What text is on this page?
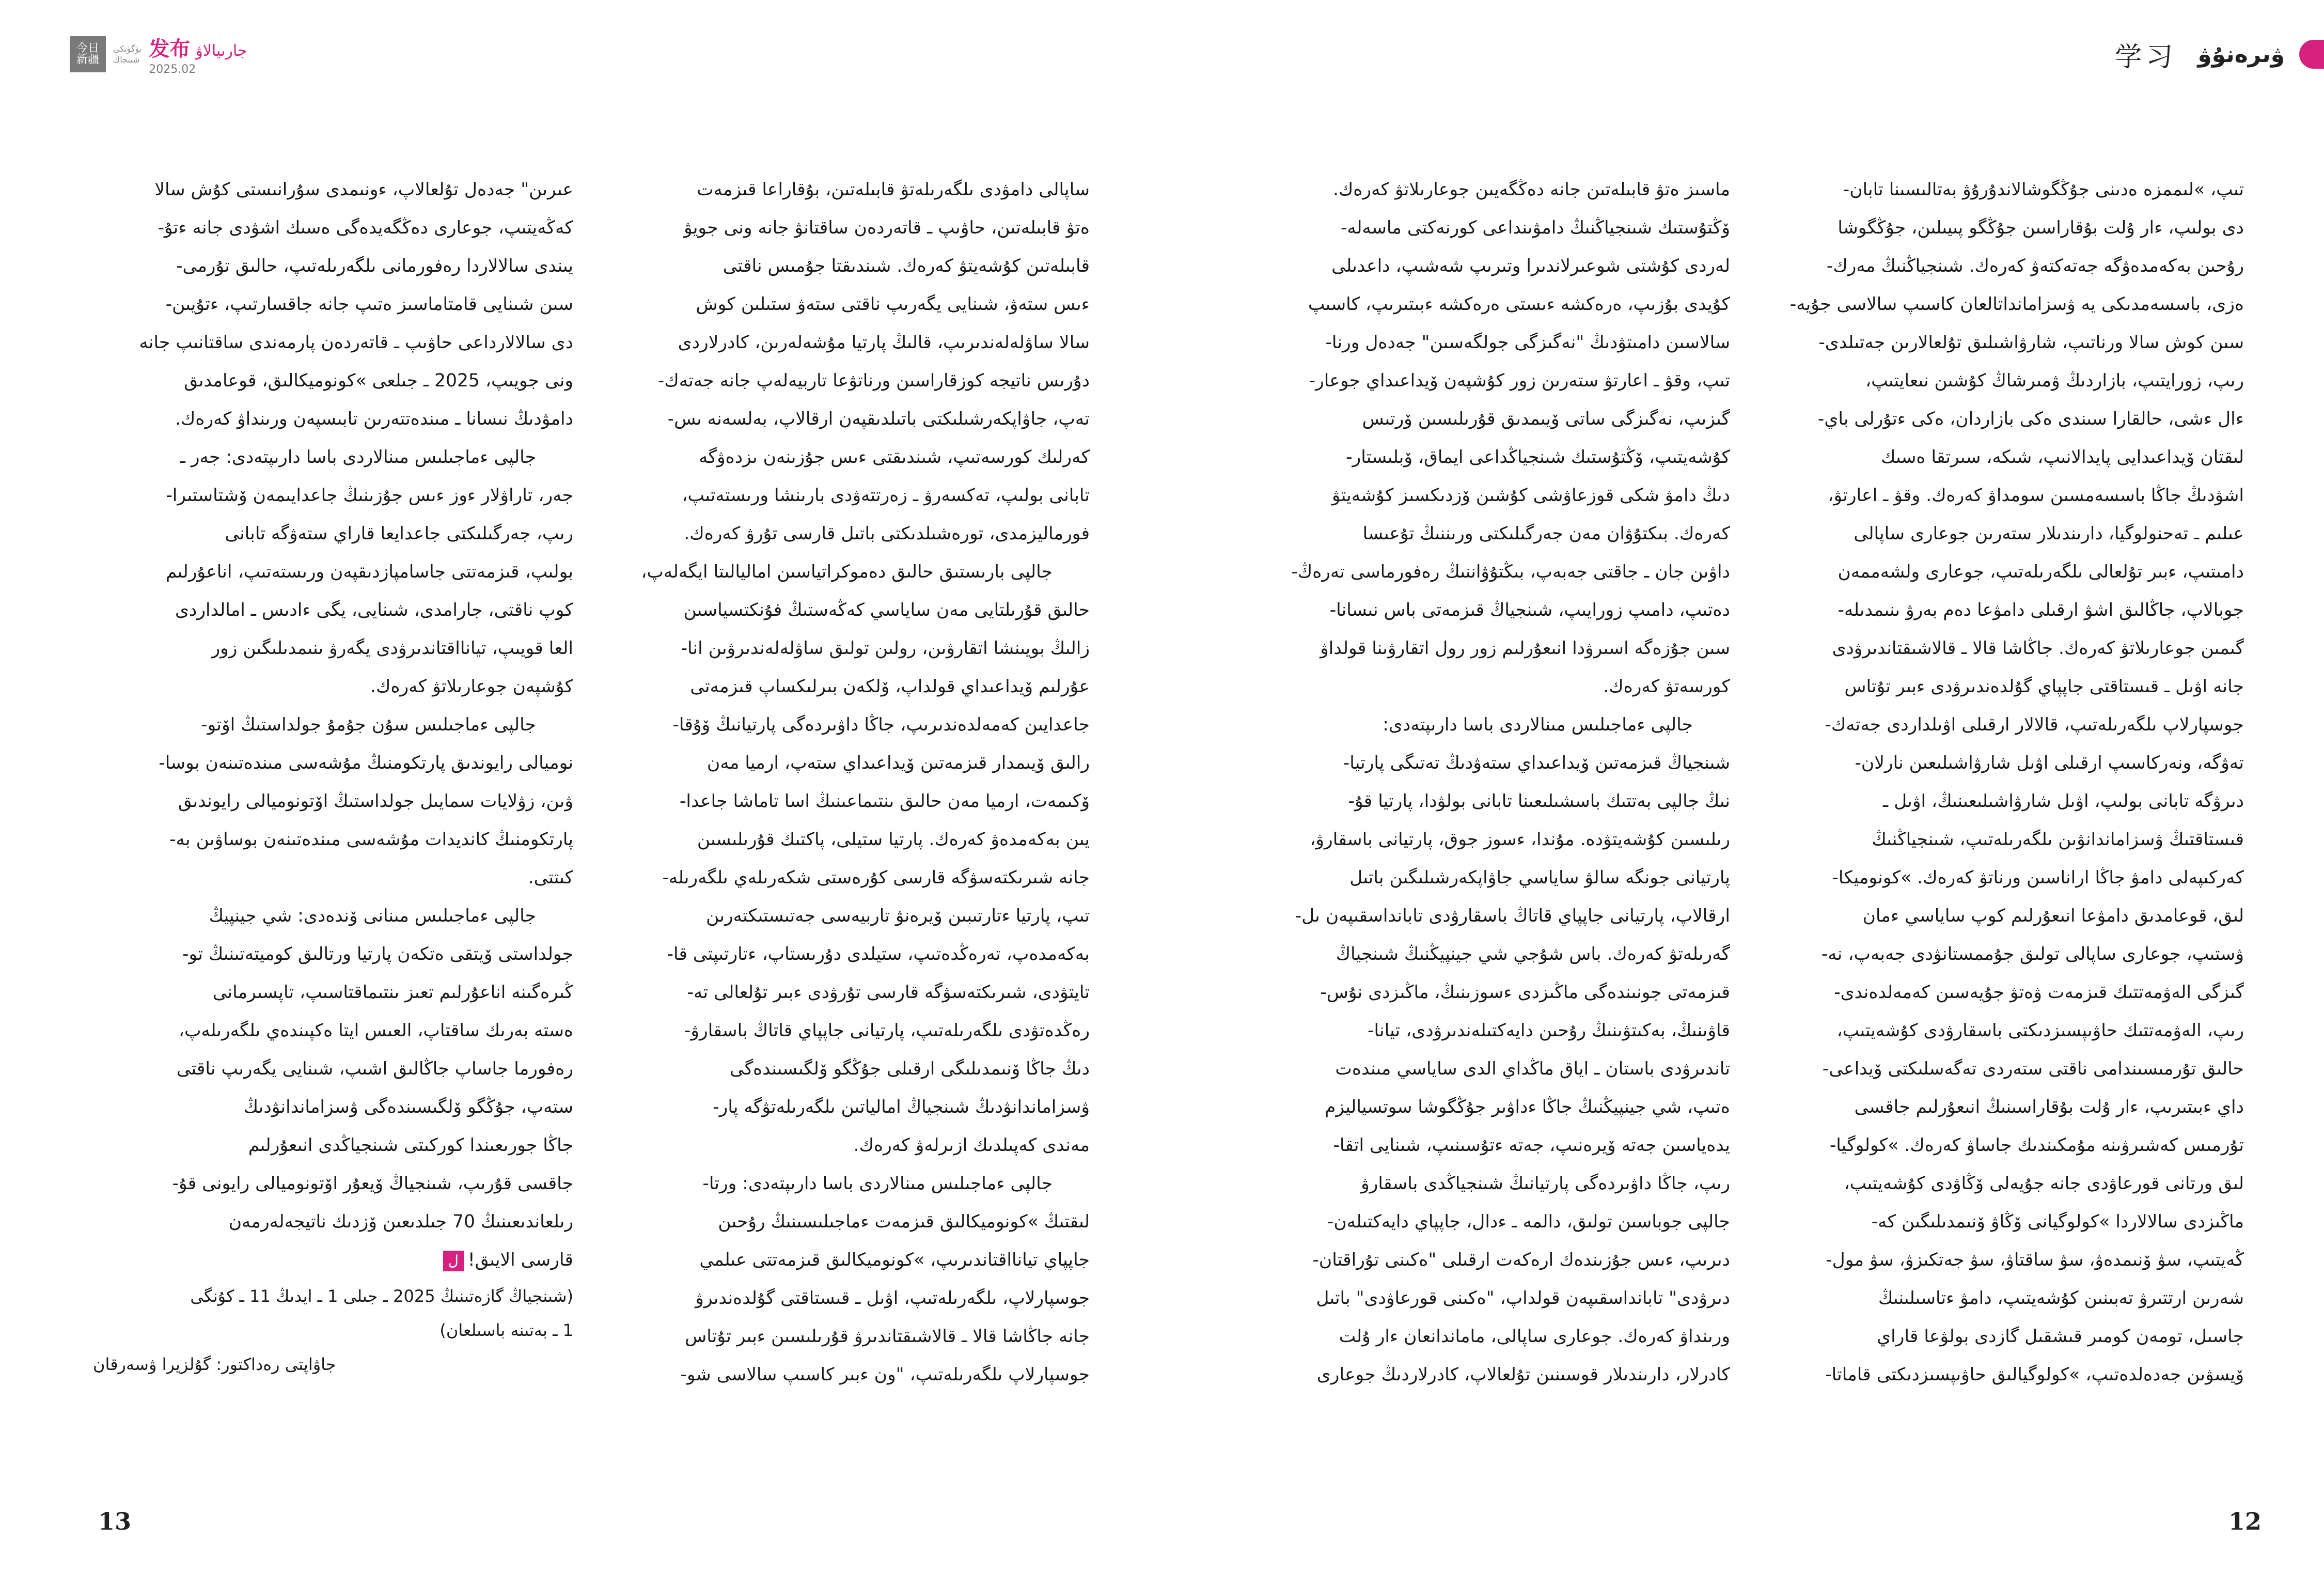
今日
新疆
بۈگۈنكى
شىنجاڭ 发布 جارىيالاۋ
2025.02	学习 ۋىرەنۇۋ

تىپ، »لىممزە ەدىنى جۇڭگوشالاندۇرۇۋ بەتالىسىنا تابان-

دى بولىپ، ءار ۇلت بۇقاراسىن جۇڭگو پىيىلىن، جۇڭگوشا

رۇحىن بەكەمدەۋگە جەتەكتەۋ كەرەك. شىنجياڭنىڭ مەرك-

ەزى، باسسەمدىكى يە ۋسزامانداتالعان كاسىپ سالاسى جۇيە-

سىن كوش سالا ورناتىپ، شارۋاشىلىق تۇلعالارىن جەتىلدى-

رىپ، زورايتىپ، بازاردىڭ ۋمىرشاڭ كۇشىن نىعايتىپ،

ءال ءشى، حالقارا سىندى ەكى بازاردان، ەكى ءتۇرلى باي-

لىقتان ۆيداعىدايى پايدالانىپ، شىكە، سىرتقا ەسىك

اشۋدىڭ جاڭا باسسەمسىن سومداۋ كەرەك. وقۋ ـ اعارتۋ،

عىلىم ـ تەحنولوگيا، دارىندىلار ستەرىن جوعارى ساپالى

دامىتىپ، ءبىر تۇلعالى ىلگەرىلەتىپ، جوعارى ولشەممەن

جوبالاپ، جاڭالىق اشۋ ارقىلى دامۋعا دەم بەرۋ ىنىمدىلە-

گىمىن جوعارىلاتۋ كەرەك. جاڭاشا قالا ـ قالاشىقتاندىرۋدى

جانە اۋىل ـ قىستاقتى جاپپاي گۇلدەندىرۋدى ءبىر تۇتاس

جوسپارلاپ ىلگەرىلەتىپ، قالالار ارقىلى اۋىلداردى جەتەك-

تەۋگە، ونەركاسىپ ارقىلى اۋىل شارۋاشىلىعىن نارلان-

دىرۋگە تابانى بولىپ، اۋىل شارۋاشىلىعىنىڭ، اۋىل ـ

قىستاقتىڭ ۋسزاماندانۋىن ىلگەرىلەتىپ، شىنجياڭنىڭ

كەركىپەلى دامۋ جاڭا اراناسىن ورناتۋ كەرەك. »كونوميكا-

لىق، قوعامدىق دامۋعا انىعۇرلىم كوپ ساياسي ءمان

ۋستىپ، جوعارى ساپالى تولىق جۇممستانۋدى جەبەپ، نە-

گىزگى الەۋمەتتىك قىزمەت ۋەتۋ جۇيەسىن كەمەلدەندى-

رىپ، الەۋمەتتىك حاۋىپسىزدىكتى باسقارۋدى كۇشەيتىپ،

حالىق تۇرمىسىندامى ناقتى ستەردى تەگەسلىكتى ۆيداعى-

داي ءبىتىرىپ، ءار ۇلت بۇقاراسىنىڭ انىعۇرلىم جاقسى

تۇرمىس كەشىرۋىنە مۇمكىندىك جاساۋ كەرەك. »كولوگيا-

لىق ورتانى قورعاۋدى جانە جۇيەلى ۆڭاۋدى كۇشەيتىپ،

ماڭىزدى سالالاردا »كولوگيانى ۆڭاۋ ۆنىمدىلىگىن كە-

ڭەيتىپ، سۋ ۆنىمدەۋ، سۋ ساقتاۋ، سۋ جەتكىزۋ، سۋ مول-

شەرىن ارتتىرۋ تەبىنىن كۇشەيتىپ، دامۋ ءتاسىلىنىڭ

جاسىل، تومەن كومىر قىشقىل گازدى بولۋعا قاراي

ۆيسۋىن جەدەلدەتىپ، »كولوگيالىق حاۋىپسىزدىكتى قاماتا-

ماسىز ەتۋ قابىلەتىن جانە دەڭگەيىن جوعارىلاتۋ كەرەك.

ۆڭتۇستىك شىنجياڭنىڭ دامۋىنداعى كورنەكتى ماسەلە-

لەردى كۇشتى شوعىرلاندىرا وتىرىپ شەشىپ، داعدىلى

كۇيدى بۇزىپ، ەرەكشە ءىستى ەرەكشە ءبىتىرىپ، كاسىپ

سالاسىن دامىتۋدىڭ "نەگىزگى جولگەسىن" جەدەل ورنا-

تىپ، وقۋ ـ اعارتۋ ستەرىن زور كۇشپەن ۆيداعىداي جوعار-

گىزىپ، نەگىزگى ساتى ۆيىمدىق قۇرىلىسىن ۆرتىس

كۇشەيتىپ، ۆڭتۇستىك شىنجياڭداعى ايماق، ۆبلىستار-

دىڭ دامۋ شكى قوزعاۋشى كۇشىن ۆزدىكسىز كۇشەيتۋ

كەرەك. بىكتۇۋان مەن جەرگىلىكتى ورىننىڭ تۇعىسا

داۋىن جان ـ جاقتى جەبەپ، بىڭتۇۋاننىڭ رەفورماسى تەرەڭ-

دەتىپ، دامىپ زورايىپ، شىنجياڭ قىزمەتى باس نىسانا-

سىن جۇزەگە اسىرۋدا انىعۇرلىم زور رول اتقارۋىنا قولداۋ

كورسەتۋ كەرەك.

جالپى ءماجىلىس مىنالاردى باسا دارىپتەدى:

شىنجياڭ قىزمەتىن ۆيداعىداي ستەۋدىڭ تەتىگى پارتيا-

نىڭ جالپى بەتتىك باسشىلىعىنا تابانى بولۋدا، پارتيا قۇ-

رىلىسىن كۇشەيتۋدە. مۇندا، ءسوز جوق، پارتيانى باسقارۋ،

پارتيانى جونگە سالۋ ساياسي جاۋاپكەرشىلىگىن باتىل

ارقالاپ، پارتيانى جاپپاي قاتاڭ باسقارۋدى تابانداسقىپەن ىل-

گەرىلەتۋ كەرەك. باس شۇجي شي جينپيڭنىڭ شىنجياڭ

قىزمەتى جونىندەگى ماڭىزدى ءسوزىنىڭ، ماڭىزدى نۇس-

قاۋىنىڭ، بەكىتۋىنىڭ رۇحىن دايەكتىلەندىرۋدى، تيانا-

تاندىرۋدى باستان ـ اياق ماڭداي الدى ساياسي مىندەت

ەتىپ، شي جينپيڭنىڭ جاڭا ءداۋىر جۇڭگوشا سوتسياليزم

يدەياسىن جەتە ۆيرەنىپ، جەتە ءتۇسىنىپ، شىنايى اتقا-

رىپ، جاڭا داۋىردەگى پارتيانىڭ شىنجياڭدى باسقارۋ

جالپى جوباسىن تولىق، دالمە ـ ءدال، جاپپاي دايەكتىلەن-

دىرىپ، ءىس جۇزىندەك ارەكەت ارقىلى "ەكىنى تۇراقتان-

دىرۋدى" تابانداسقىپەن قولداپ، "ەكىنى قورعاۋدى" باتىل

ورىنداۋ كەرەك. جوعارى ساپالى، ماماندانعان ءار ۇلت

كادرلار، دارىندىلار قوسىنىن تۇلعالاپ، كادرلاردىڭ جوعارى

ساپالى دامۋدى ىلگەرىلەتۋ قابىلەتىن، بۇقاراعا قىزمەت

ەتۋ قابىلەتىن، حاۋىپ ـ قاتەردەن ساقتانۋ جانە ونى جويۋ

قابىلەتىن كۇشەيتۋ كەرەك. شىندىقتا جۇمىس ناقتى

ءىس ستەۋ، شىنايى يگەرىپ ناقتى ستەۋ ستىلىن كوش

سالا ساۋلەلەندىرىپ، قالىڭ پارتيا مۇشەلەرىن، كادرلاردى

دۇرىس ناتيجە كوزقاراسىن ورناتۋعا تاربيەلەپ جانە جەتەك-

تەپ، جاۋاپكەرشىلىكتى باتىلدىقپەن ارقالاپ، بەلسەنە ىس-

كەرلىك كورسەتىپ، شىندىقتى ءىس جۇزىنەن ىزدەۋگە

تابانى بولىپ، تەكسەرۋ ـ زەرتتەۋدى بارىنشا ورىستەتىپ،

فورماليزمدى، تورەشىلدىكتى باتىل قارسى تۇرۋ كەرەك.

جالپى بارىستىق حالىق دەموكراتياسىن اماليالىتا ايگەلەپ،

حالىق قۇرىلتايى مەن ساياسي كەڭەستىڭ فۇنكتسياسىن

زالىڭ بويىنشا اتقارۋىن، رولىن تولىق ساۋلەلەندىرۋىن انا-

عۇرلىم ۆيداعىداي قولداپ، ۆلكەن بىرلىكساپ قىزمەتى

جاعدايىن كەمەلدەندىرىپ، جاڭا داۋىردەگى پارتيانىڭ ۆۇقا-

رالىق ۆيىمدار قىزمەتىن ۆيداعىداي ستەپ، ارميا مەن

ۆكىمەت، ارميا مەن حالىق ىنتىماعىنىڭ اسا تاماشا جاعدا-

يىن بەكەمدەۋ كەرەك. پارتيا ستيلى، پاكتىك قۇرىلىسىن

جانە شىرىكتەسۋگە قارسى كۇرەستى شكەرىلەي ىلگەرىلە-

تىپ، پارتيا ءتارتىبىن ۆيرەنۋ تاربيەسى جەتىستىكتەرىن

بەكەمدەپ، تەرەڭدەتىپ، ستيلدى دۇرىستاپ، ءتارتىپتى قا-

تايتۋدى، شىرىكتەسۋگە قارسى تۇرۋدى ءبىر تۇلعالى تە-

رەڭدەتۋدى ىلگەرىلەتىپ، پارتيانى جاپپاي قاتاڭ باسقارۋ-

دىڭ جاڭا ۆنىمدىلىگى ارقىلى جۇڭگو ۆلگىسىندەگى

ۋسزاماندانۋدىڭ شىنجياڭ امالياتىن ىلگەرىلەتۋگە پار-

مەندى كەپىلدىك ازىرلەۋ كەرەك.

جالپى ءماجىلىس مىنالاردى باسا دارىپتەدى: ورتا-

لىقتىڭ »كونوميكالىق قىزمەت ءماجىلىسىنىڭ رۇحىن

جاپپاي تيانااقتاندىرىپ، »كونوميكالىق قىزمەتتى عىلمي

جوسپارلاپ، ىلگەرىلەتىپ، اۋىل ـ قىستاقتى گۇلدەندىرۋ

جانە جاڭاشا قالا ـ قالاشىقتاندىرۋ قۇرىلىسىن ءبىر تۇتاس

جوسپارلاپ ىلگەرىلەتىپ، "ون ءبىر كاسىپ سالاسى شو-

عىرىن" جەدەل تۇلعالاپ، ءونىمدى سۇرانىستى كۇش سالا

كەڭەيتىپ، جوعارى دەڭگەيدەگى ەسىك اشۋدى جانە ءتۇ-

يىندى سالالاردا رەفورمانى ىلگەرىلەتىپ، حالىق تۇرمى-

سىن شىنايى قامتاماسىز ەتىپ جانە جاقسارتىپ، ءتۇيىن-

دى سالالارداعى حاۋىپ ـ قاتەردەن پارمەندى ساقتانىپ جانە

ونى جويىپ، 2025 ـ جىلعى »كونوميكالىق، قوعامدىق

دامۋدىڭ نىسانا ـ مىندەتتەرىن تابىسپەن ورىنداۋ كەرەك.

جالپى ءماجىلىس مىنالاردى باسا دارىپتەدى: جەر ـ

جەر، تاراۋلار ءوز ءىس جۇزىنىڭ جاعدايىمەن ۆشتاستىرا-

رىپ، جەرگىلىكتى جاعدايعا قاراي ستەۋگە تابانى

بولىپ، قىزمەتتى جاسامپازدىقپەن ورىستەتىپ، اناعۇرلىم

كوپ ناقتى، جارامدى، شىنايى، يگى ءادىس ـ امالداردى

العا قويىپ، تيانااقتاندىرۋدى يگەرۋ ىنىمدىلىگىن زور

كۇشپەن جوعارىلاتۋ كەرەك.

جالپى ءماجىلىس سۇن جۇمۇ جولداستىڭ اۆتو-

نوميالى رايوندىق پارتكومنىڭ مۇشەسى مىندەتىنەن بوسا-

ۋىن، زۋلايات سمايىل جولداستىڭ اۆتونوميالى رايوندىق

پارتكومنىڭ كانديدات مۇشەسى مىندەتىنەن بوساۋىن بە-

كىتتى.

جالپى ءماجىلىس مىنانى ۆندەدى: شي جينپيڭ

جولداستى ۆيتقى ەتكەن پارتيا ورتالىق كوميتەتىنىڭ تو-

ڭىرەگىنە اناعۇرلىم تعىز ىنتىماقتاسىپ، تاپسىرمانى

ەستە بەرىك ساقتاپ، العىس ايتا ەكپىندەي ىلگەرىلەپ،

رەفورما جاساپ جاڭالىق اشىپ، شىنايى يگەرىپ ناقتى

ستەپ، جۇڭگو ۆلگىسىندەگى ۋسزاماندانۋدىڭ

جاڭا جورىعىندا كوركىتى شىنجياڭدى انىعۇرلىم

جاقسى قۇرىپ، شىنجياڭ ۆيعۇر اۆتونوميالى رايونى قۇ-

رىلعاندىعىنىڭ 70 جىلدىعىن ۆزدىك ناتيجەلەرمەن

قارسى الايىق!ل

(شىنجياڭ گازەتىنىڭ 2025 ـ جىلى 1 ـ ايدىڭ 11 ـ كۇنگى

1 ـ بەتىنە باسىلعان)

جاۋاپتى رەداكتور: گۇلزيرا ۋسەرقان

12
13
